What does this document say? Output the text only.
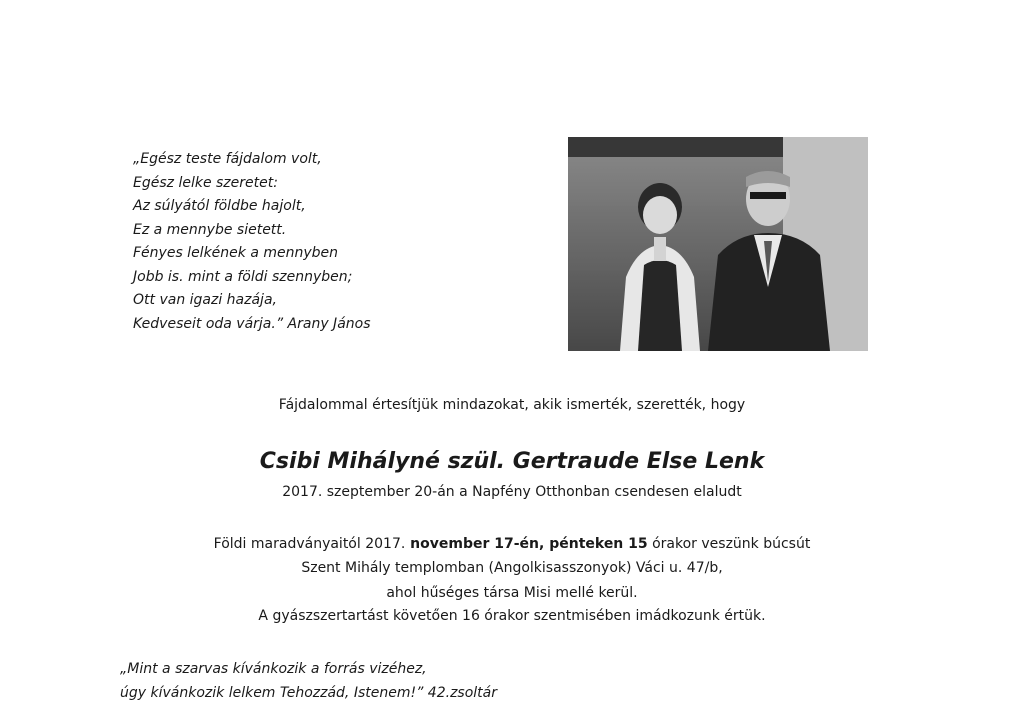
„Egész teste fájdalom volt,
Egész lelke szeretet:
Az súlyától földbe hajolt,
Ez a mennybe sietett.
Fényes lelkének a mennyben
Jobb is. mint a földi szennyben;
Ott van igazi hazája,
Kedveseit oda várja.” Arany János
Fájdalommal értesítjük mindazokat, akik ismerték, szerették, hogy
Csibi Mihályné szül. Gertraude Else Lenk
2017. szeptember 20-án a Napfény Otthonban csendesen elaludt
Földi maradványaitól 2017. november 17-én, pénteken 15 órakor veszünk búcsút
Szent Mihály templomban (Angolkisasszonyok) Váci u. 47/b,
ahol hűséges társa Misi mellé kerül.
A gyászszertartást követően 16 órakor szentmisében imádkozunk értük.
„Mint a szarvas kívánkozik a forrás vizéhez,
úgy kívánkozik lelkem Tehozzád, Istenem!” 42.zsoltár
